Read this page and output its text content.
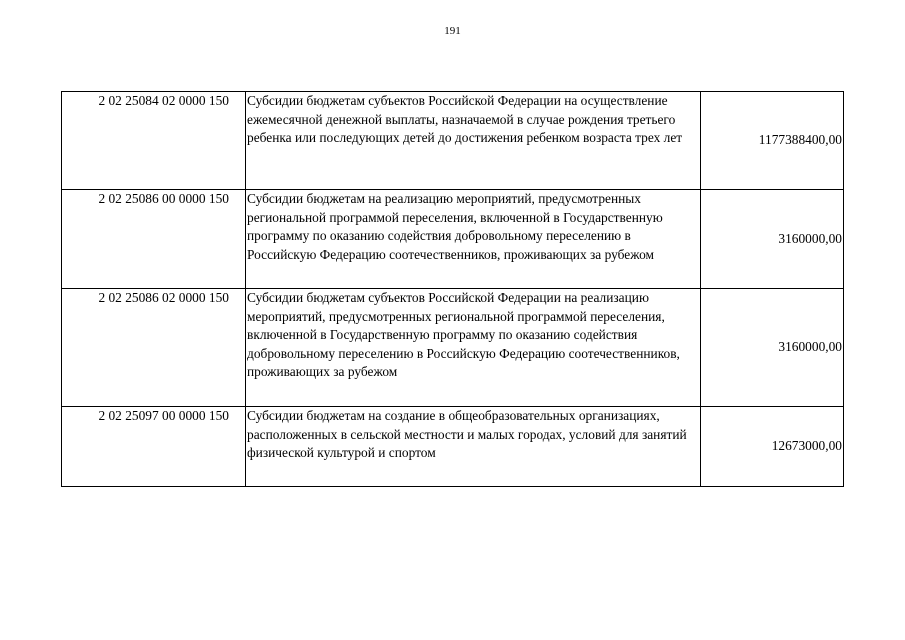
191
2 02 25084 02 0000 150	Субсидии бюджетам субъектов Российской Федерации на осуществление ежемесячной денежной выплаты, назначаемой в случае рождения третьего ребенка или последующих детей до достижения ребенком возраста трех лет	1177388400,00
2 02 25086 00 0000 150	Субсидии бюджетам на реализацию мероприятий, предусмотренных региональной программой переселения, включенной в Государственную программу по оказанию содействия добровольному переселению в Российскую Федерацию соотечественников, проживающих за рубежом	3160000,00
2 02 25086 02 0000 150	Субсидии бюджетам субъектов Российской Федерации на реализацию мероприятий, предусмотренных региональной программой переселения, включенной в Государственную программу по оказанию содействия добровольному переселению в Российскую Федерацию соотечественников, проживающих за рубежом	3160000,00
2 02 25097 00 0000 150	Субсидии бюджетам на создание в общеобразовательных организациях, расположенных в сельской местности и малых городах, условий для занятий физической культурой и спортом	12673000,00
